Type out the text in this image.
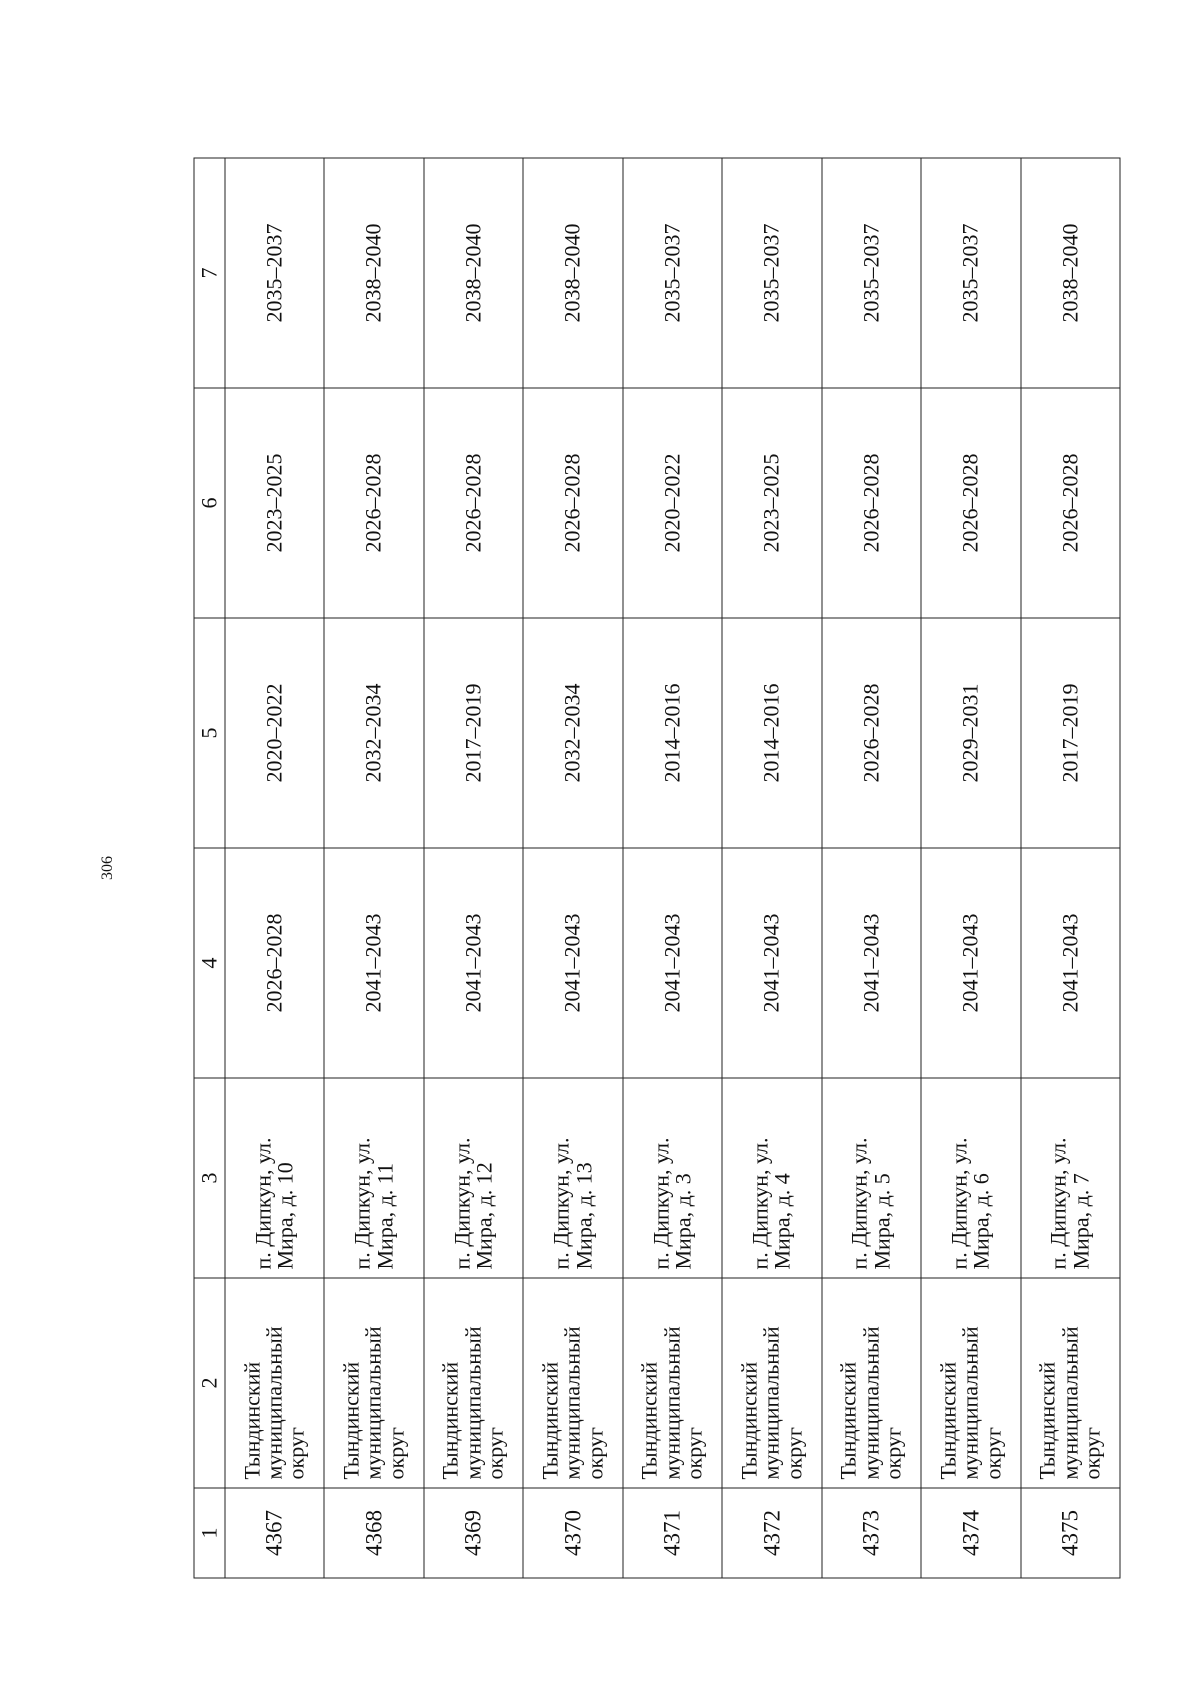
306
1	2	3	4	5	6	7
4367	Тындинский муниципальный округ	п. Дипкун, ул. Мира, д. 10	2026–2028	2020–2022	2023–2025	2035–2037
4368	Тындинский муниципальный округ	п. Дипкун, ул. Мира, д. 11	2041–2043	2032–2034	2026–2028	2038–2040
4369	Тындинский муниципальный округ	п. Дипкун, ул. Мира, д. 12	2041–2043	2017–2019	2026–2028	2038–2040
4370	Тындинский муниципальный округ	п. Дипкун, ул. Мира, д. 13	2041–2043	2032–2034	2026–2028	2038–2040
4371	Тындинский муниципальный округ	п. Дипкун, ул. Мира, д. 3	2041–2043	2014–2016	2020–2022	2035–2037
4372	Тындинский муниципальный округ	п. Дипкун, ул. Мира, д. 4	2041–2043	2014–2016	2023–2025	2035–2037
4373	Тындинский муниципальный округ	п. Дипкун, ул. Мира, д. 5	2041–2043	2026–2028	2026–2028	2035–2037
4374	Тындинский муниципальный округ	п. Дипкун, ул. Мира, д. 6	2041–2043	2029–2031	2026–2028	2035–2037
4375	Тындинский муниципальный округ	п. Дипкун, ул. Мира, д. 7	2041–2043	2017–2019	2026–2028	2038–2040
